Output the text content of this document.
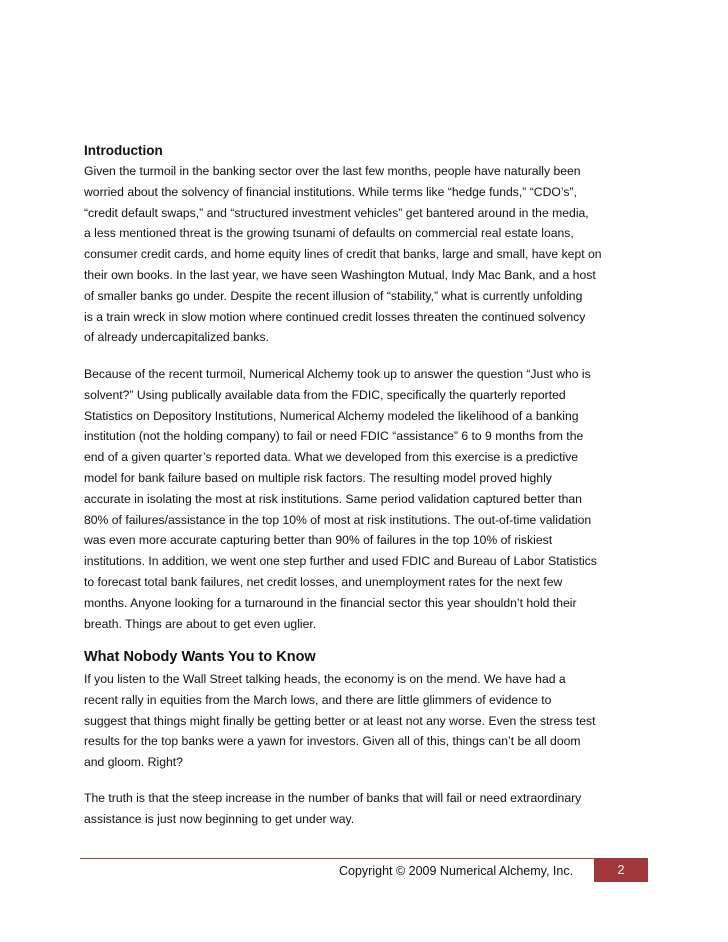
Introduction

Given the turmoil in the banking sector over the last few months, people have naturally been
worried about the solvency of financial institutions. While terms like “hedge funds,” “CDO’s”,
“credit default swaps,” and “structured investment vehicles” get bantered around in the media,
a less mentioned threat is the growing tsunami of defaults on commercial real estate loans,
consumer credit cards, and home equity lines of credit that banks, large and small, have kept on
their own books. In the last year, we have seen Washington Mutual, Indy Mac Bank, and a host
of smaller banks go under. Despite the recent illusion of “stability,” what is currently unfolding
is a train wreck in slow motion where continued credit losses threaten the continued solvency
of already undercapitalized banks.

Because of the recent turmoil, Numerical Alchemy took up to answer the question “Just who is
solvent?” Using publically available data from the FDIC, specifically the quarterly reported
Statistics on Depository Institutions, Numerical Alchemy modeled the likelihood of a banking
institution (not the holding company) to fail or need FDIC “assistance” 6 to 9 months from the
end of a given quarter’s reported data. What we developed from this exercise is a predictive
model for bank failure based on multiple risk factors. The resulting model proved highly
accurate in isolating the most at risk institutions. Same period validation captured better than
80% of failures/assistance in the top 10% of most at risk institutions. The out-of-time validation
was even more accurate capturing better than 90% of failures in the top 10% of riskiest
institutions. In addition, we went one step further and used FDIC and Bureau of Labor Statistics
to forecast total bank failures, net credit losses, and unemployment rates for the next few
months. Anyone looking for a turnaround in the financial sector this year shouldn’t hold their
breath. Things are about to get even uglier.

What Nobody Wants You to Know

If you listen to the Wall Street talking heads, the economy is on the mend. We have had a
recent rally in equities from the March lows, and there are little glimmers of evidence to
suggest that things might finally be getting better or at least not any worse. Even the stress test
results for the top banks were a yawn for investors. Given all of this, things can’t be all doom
and gloom. Right?

The truth is that the steep increase in the number of banks that will fail or need extraordinary
assistance is just now beginning to get under way.

Copyright © 2009 Numerical Alchemy, Inc.	2
